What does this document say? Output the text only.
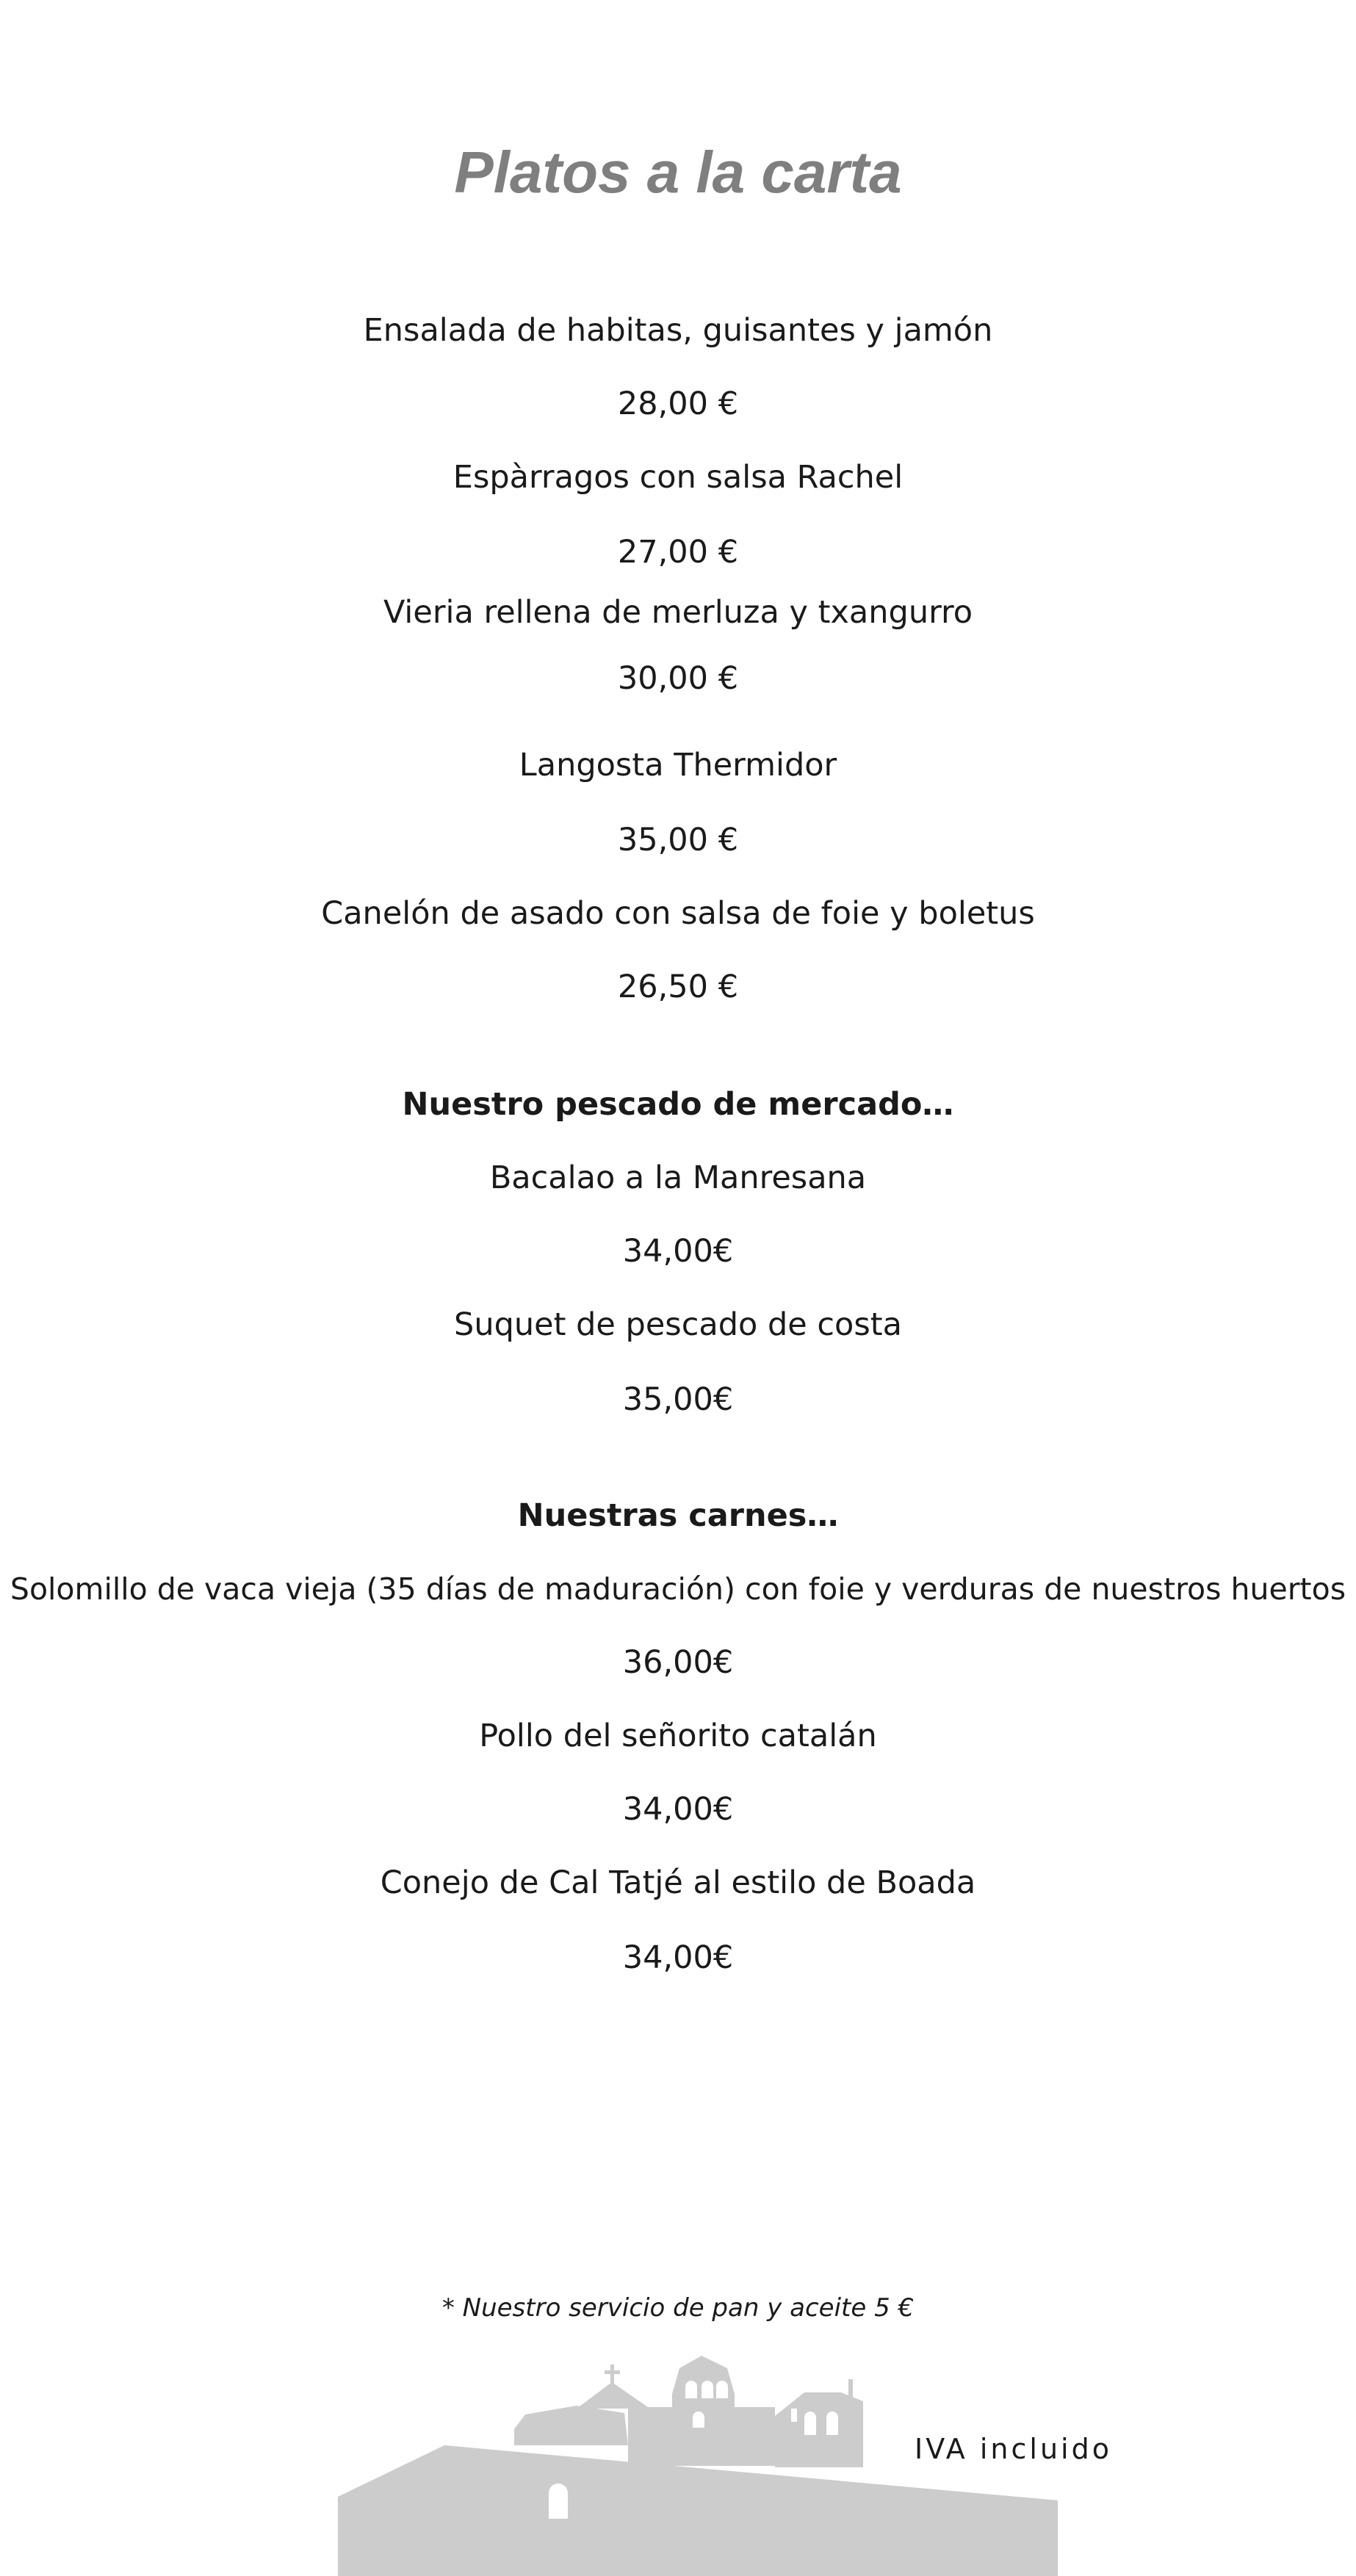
Platos a la carta
Ensalada de habitas, guisantes y jamón
28,00 €
Espàrragos con salsa Rachel
27,00 €
Vieria rellena de merluza y txangurro
30,00 €
Langosta Thermidor
35,00 €
Canelón de asado con salsa de foie y boletus
26,50 €
Nuestro pescado de mercado…
Bacalao a la Manresana
34,00€
Suquet de pescado de costa
35,00€
Nuestras carnes…
Solomillo de vaca vieja (35 días de maduración) con foie y verduras de nuestros huertos
36,00€
Pollo del señorito catalán
34,00€
Conejo de Cal Tatjé al estilo de Boada
34,00€
* Nuestro servicio de pan y aceite 5 €
IVA incluido
